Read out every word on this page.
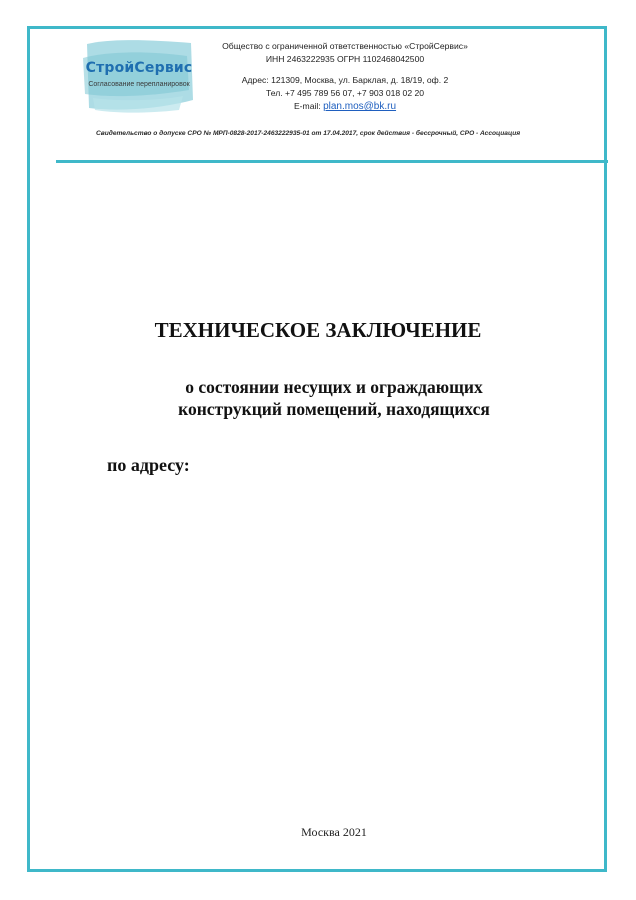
СтройСервис
Согласование перепланировок
Общество с ограниченной ответственностью «СтройСервис»
ИНН 2463222935 ОГРН 1102468042500
Адрес: 121309, Москва, ул. Барклая, д. 18/19, оф. 2
Тел. +7 495 789 56 07, +7 903 018 02 20
E-mail: plan.mos@bk.ru
Свидетельство о допуске СРО № МРП-0828-2017-2463222935-01 от 17.04.2017, срок действия - бессрочный, СРО - Ассоциация
ТЕХНИЧЕСКОЕ ЗАКЛЮЧЕНИЕ
о состоянии несущих и ограждающих
конструкций помещений, находящихся
по адресу:
Москва 2021
